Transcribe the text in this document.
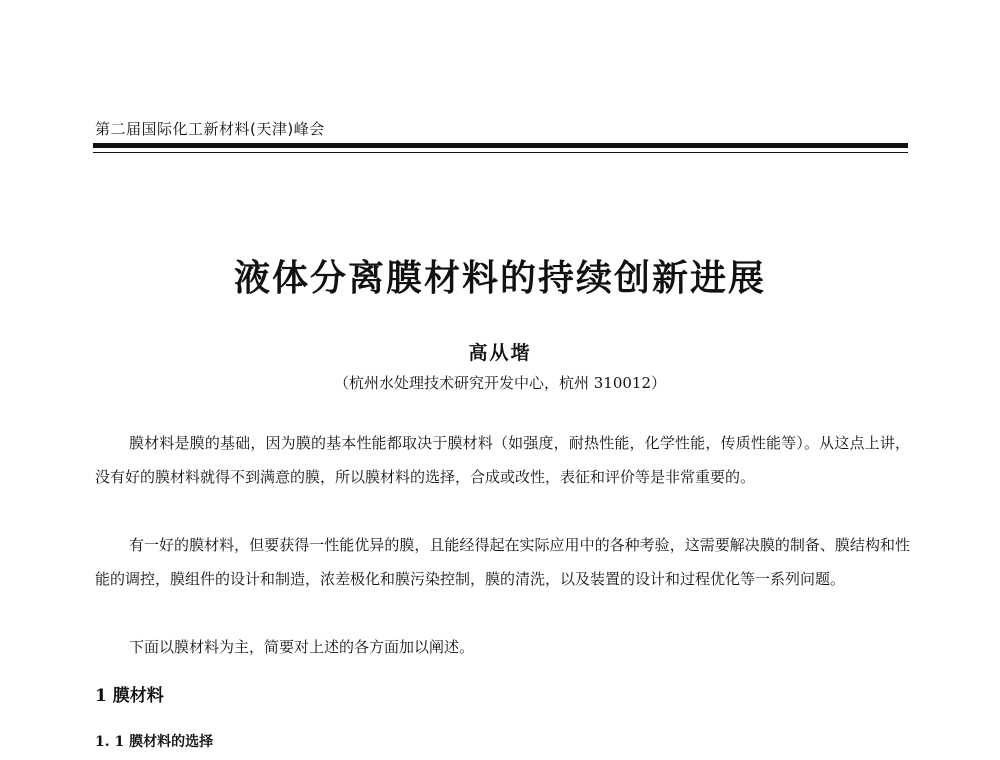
第二届国际化工新材料(天津)峰会
液体分离膜材料的持续创新进展
高从堦
（杭州水处理技术研究开发中心，杭州 310012）

膜材料是膜的基础，因为膜的基本性能都取决于膜材料（如强度，耐热性能，化学性能，传质性能等）。从这点上讲，没有好的膜材料就得不到满意的膜，所以膜材料的选择，合成或改性，表征和评价等是非常重要的。

有一好的膜材料，但要获得一性能优异的膜，且能经得起在实际应用中的各种考验，这需要解决膜的制备、膜结构和性能的调控，膜组件的设计和制造，浓差极化和膜污染控制，膜的清洗，以及装置的设计和过程优化等一系列问题。

下面以膜材料为主，简要对上述的各方面加以阐述。

1 膜材料
1. 1 膜材料的选择
